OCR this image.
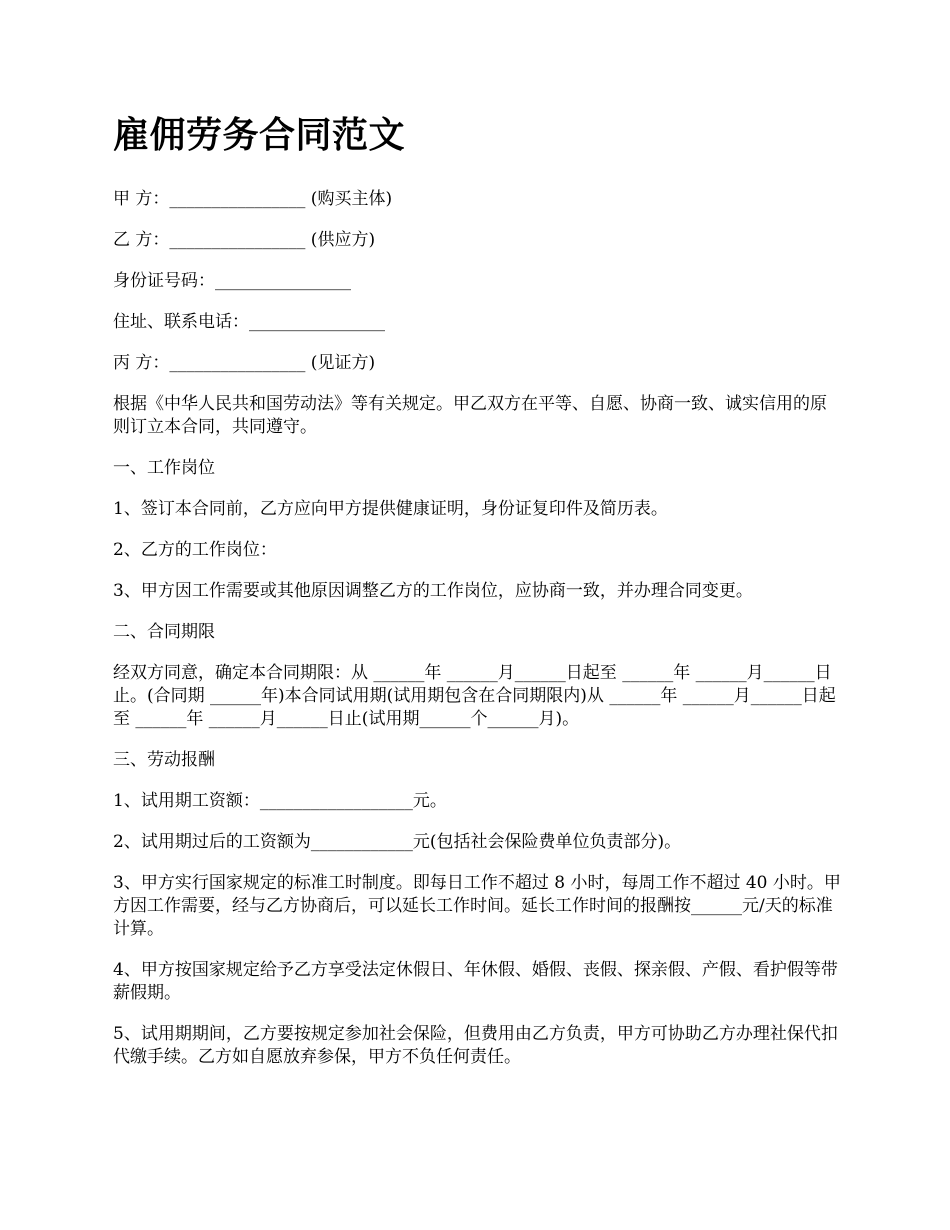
雇佣劳务合同范文

甲 方：________________ (购买主体)

乙 方：________________ (供应方)

身份证号码：________________

住址、联系电话：________________

丙 方：________________ (见证方)

根据《中华人民共和国劳动法》等有关规定。甲乙双方在平等、自愿、协商一致、诚实信用的原则订立本合同，共同遵守。

一、工作岗位

1、签订本合同前，乙方应向甲方提供健康证明，身份证复印件及简历表。

2、乙方的工作岗位：

3、甲方因工作需要或其他原因调整乙方的工作岗位，应协商一致，并办理合同变更。

二、合同期限

经双方同意，确定本合同期限：从 ______年 ______月______日起至 ______年 ______月______日止。(合同期 ______年)本合同试用期(试用期包含在合同期限内)从 ______年 ______月______日起至 ______年 ______月______日止(试用期______个______月)。

三、劳动报酬

1、试用期工资额：__________________元。

2、试用期过后的工资额为____________元(包括社会保险费单位负责部分)。

3、甲方实行国家规定的标准工时制度。即每日工作不超过 8 小时，每周工作不超过 40 小时。甲方因工作需要，经与乙方协商后，可以延长工作时间。延长工作时间的报酬按______元/天的标准计算。

4、甲方按国家规定给予乙方享受法定休假日、年休假、婚假、丧假、探亲假、产假、看护假等带薪假期。

5、试用期期间，乙方要按规定参加社会保险，但费用由乙方负责，甲方可协助乙方办理社保代扣代缴手续。乙方如自愿放弃参保，甲方不负任何责任。
